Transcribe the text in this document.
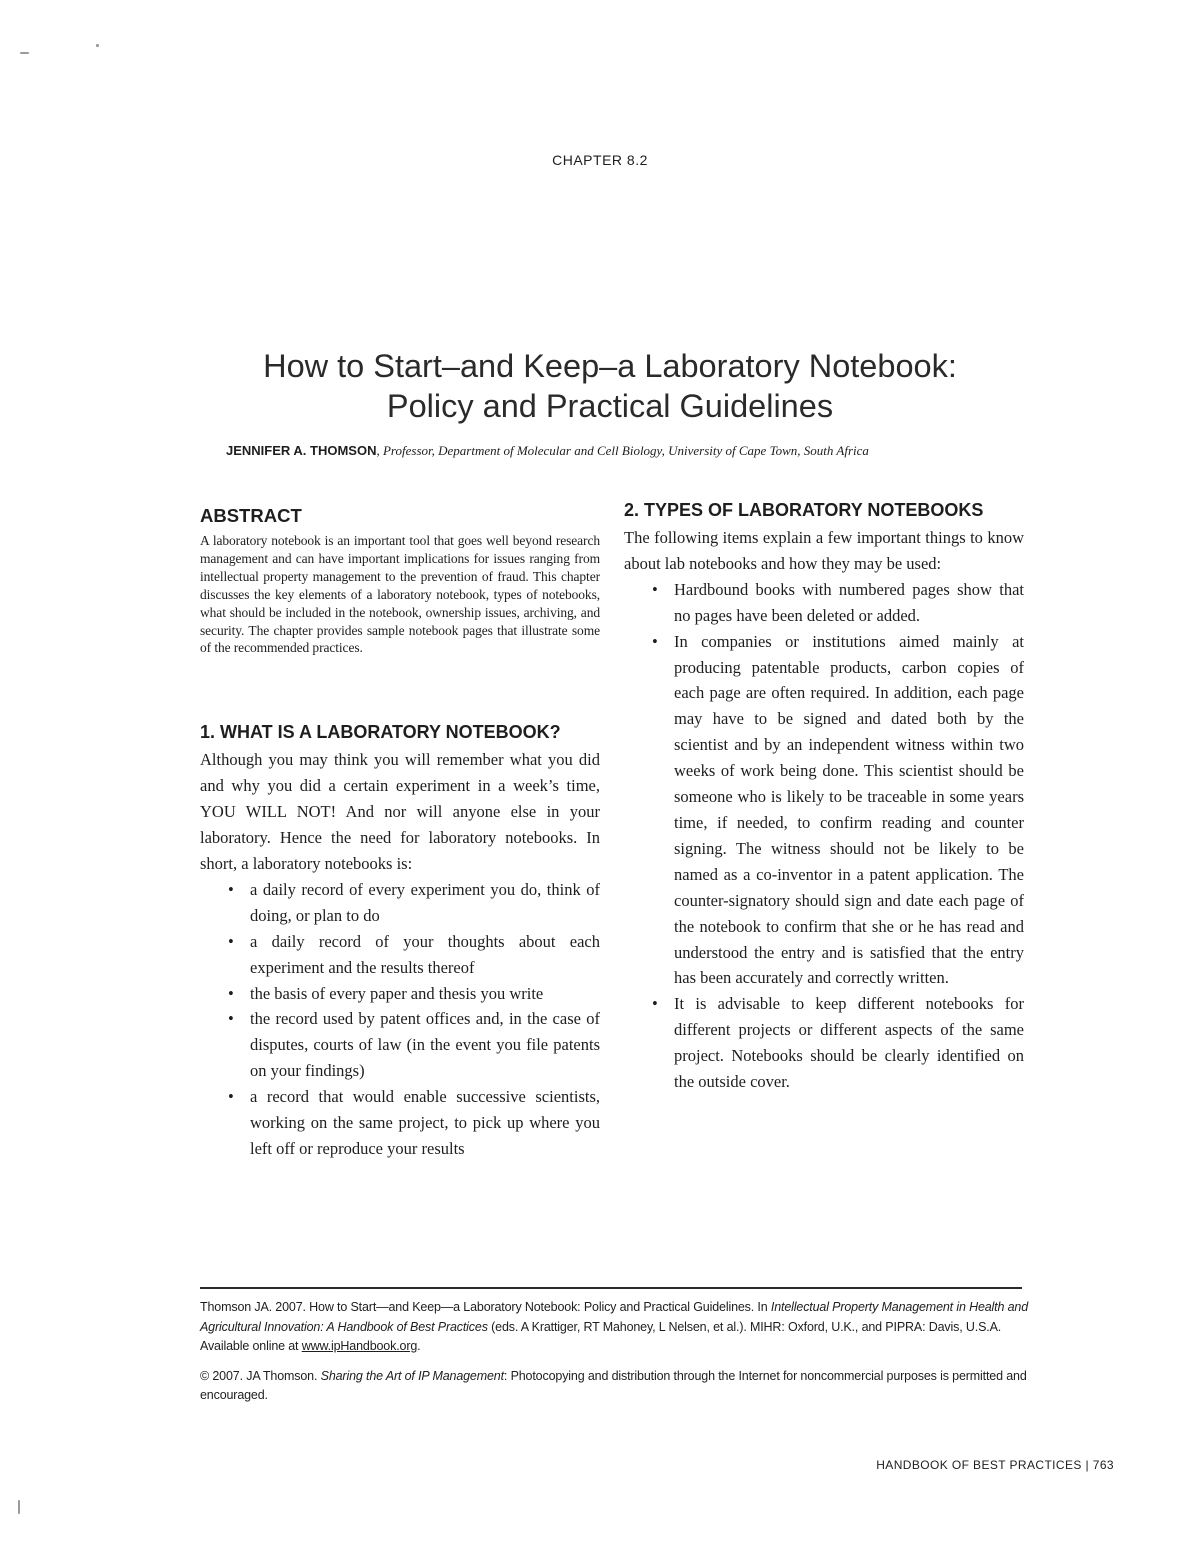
CHAPTER 8.2
How to Start–and Keep–a Laboratory Notebook:
Policy and Practical Guidelines
JENNIFER A. THOMSON, Professor, Department of Molecular and Cell Biology, University of Cape Town, South Africa
ABSTRACT
A laboratory notebook is an important tool that goes well beyond research management and can have important implications for issues ranging from intellectual property management to the prevention of fraud. This chapter discusses the key elements of a laboratory notebook, types of notebooks, what should be included in the notebook, ownership issues, archiving, and security. The chapter provides sample notebook pages that illustrate some of the recommended practices.
1. WHAT IS A LABORATORY NOTEBOOK?
Although you may think you will remember what you did and why you did a certain experiment in a week’s time, YOU WILL NOT! And nor will anyone else in your laboratory. Hence the need for laboratory notebooks. In short, a laboratory notebooks is:
• a daily record of every experiment you do, think of doing, or plan to do
• a daily record of your thoughts about each experiment and the results thereof
• the basis of every paper and thesis you write
• the record used by patent offices and, in the case of disputes, courts of law (in the event you file patents on your findings)
• a record that would enable successive scientists, working on the same project, to pick up where you left off or reproduce your results
2. TYPES OF LABORATORY NOTEBOOKS
The following items explain a few important things to know about lab notebooks and how they may be used:
• Hardbound books with numbered pages show that no pages have been deleted or added.
• In companies or institutions aimed mainly at producing patentable products, carbon copies of each page are often required. In addition, each page may have to be signed and dated both by the scientist and by an independent witness within two weeks of work being done. This scientist should be someone who is likely to be traceable in some years time, if needed, to confirm reading and counter signing. The witness should not be likely to be named as a co-inventor in a patent application. The counter-signatory should sign and date each page of the notebook to confirm that she or he has read and understood the entry and is satisfied that the entry has been accurately and correctly written.
• It is advisable to keep different notebooks for different projects or different aspects of the same project. Notebooks should be clearly identified on the outside cover.

Thomson JA. 2007. How to Start—and Keep—a Laboratory Notebook: Policy and Practical Guidelines. In Intellectual Property Management in Health and Agricultural Innovation: A Handbook of Best Practices (eds. A Krattiger, RT Mahoney, L Nelsen, et al.). MIHR: Oxford, U.K., and PIPRA: Davis, U.S.A. Available online at www.ipHandbook.org.

© 2007. JA Thomson. Sharing the Art of IP Management: Photocopying and distribution through the Internet for noncommercial purposes is permitted and encouraged.

HANDBOOK OF BEST PRACTICES | 763
